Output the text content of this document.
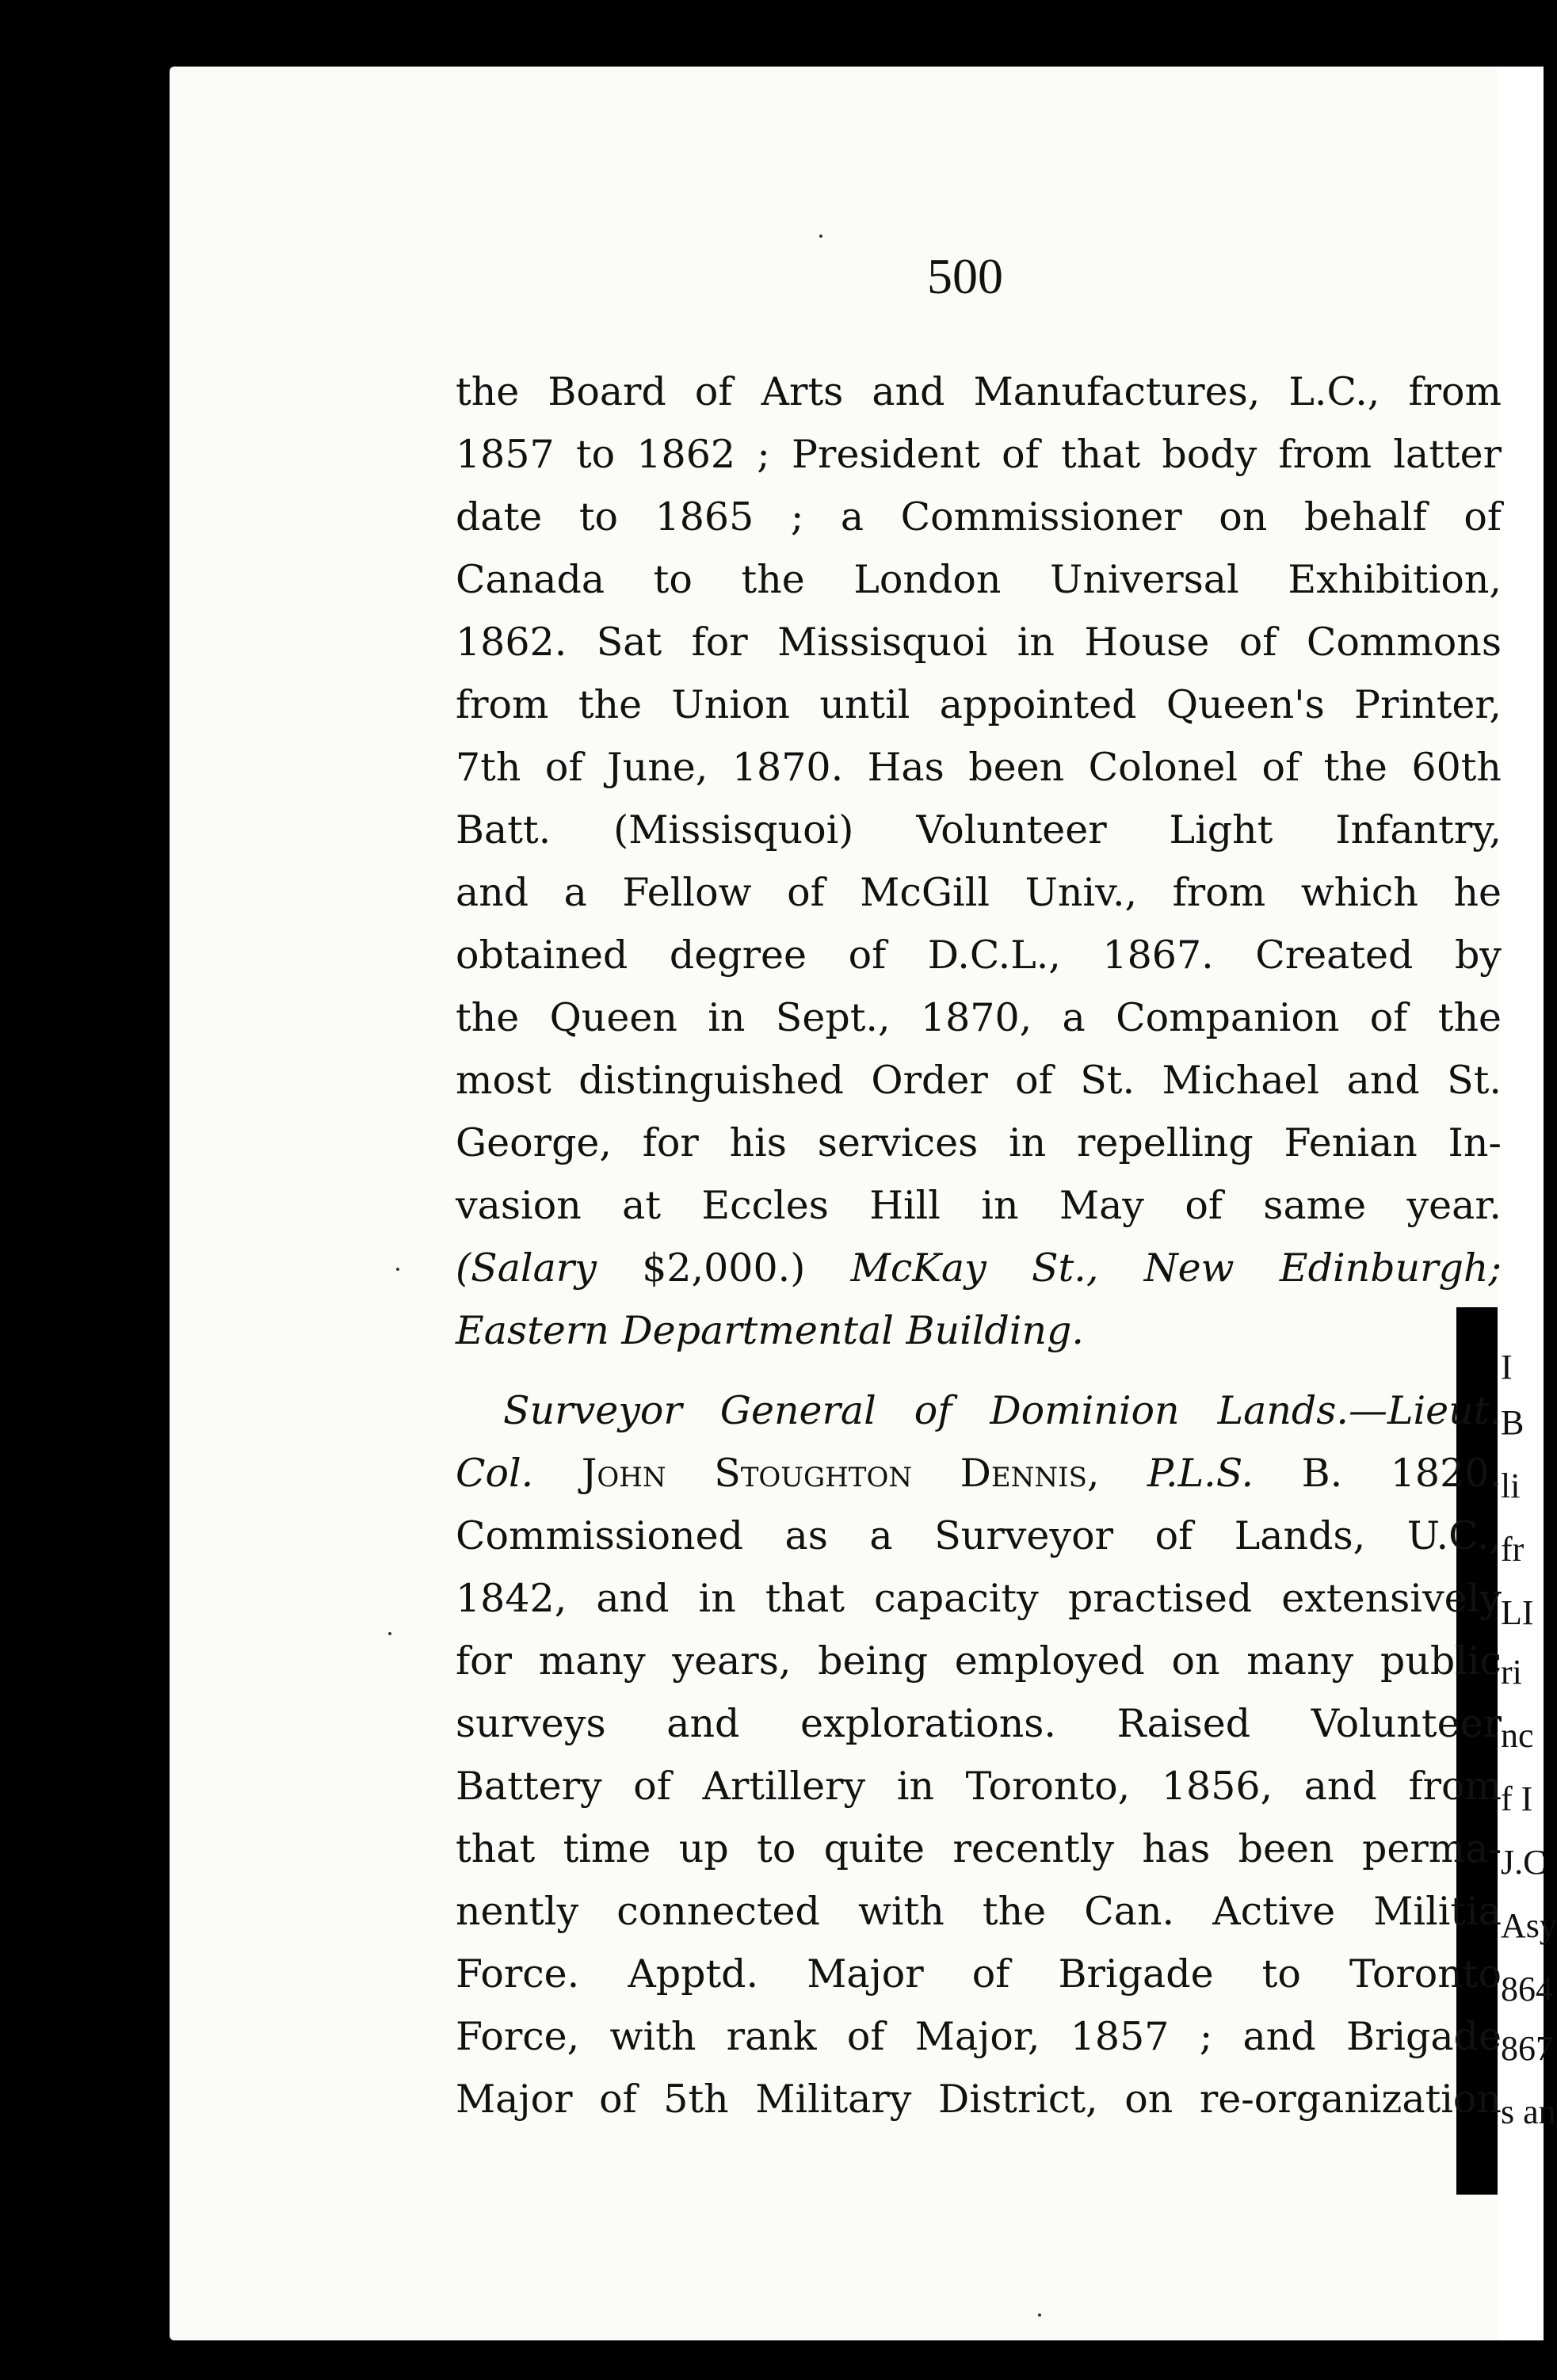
500
the Board of Arts and Manufactures, L.C., from
1857 to 1862 ; President of that body from latter
date to 1865 ; a Commissioner on behalf of
Canada to the London Universal Exhibition,
1862. Sat for Missisquoi in House of Commons
from the Union until appointed Queen's Printer,
7th of June, 1870. Has been Colonel of the 60th
Batt. (Missisquoi) Volunteer Light Infantry,
and a Fellow of McGill Univ., from which he
obtained degree of D.C.L., 1867. Created by
the Queen in Sept., 1870, a Companion of the
most distinguished Order of St. Michael and St.
George, for his services in repelling Fenian In-
vasion at Eccles Hill in May of same year.
(Salary $2,000.) McKay St., New Edinburgh;
Eastern Departmental Building.
Surveyor General of Dominion Lands.—Lieut.
Col. John Stoughton Dennis, P.L.S. B. 1820.
Commissioned as a Surveyor of Lands, U.C.,
1842, and in that capacity practised extensively
for many years, being employed on many public
surveys and explorations. Raised Volunteer
Battery of Artillery in Toronto, 1856, and from
that time up to quite recently has been perma-
nently connected with the Can. Active Militia
Force. Apptd. Major of Brigade to Toronto
Force, with rank of Major, 1857 ; and Brigade
Major of 5th Military District, on re-organization
I
B
li
fr
LI
ri
nc
f I
J.C
Asy
864
867
s an
